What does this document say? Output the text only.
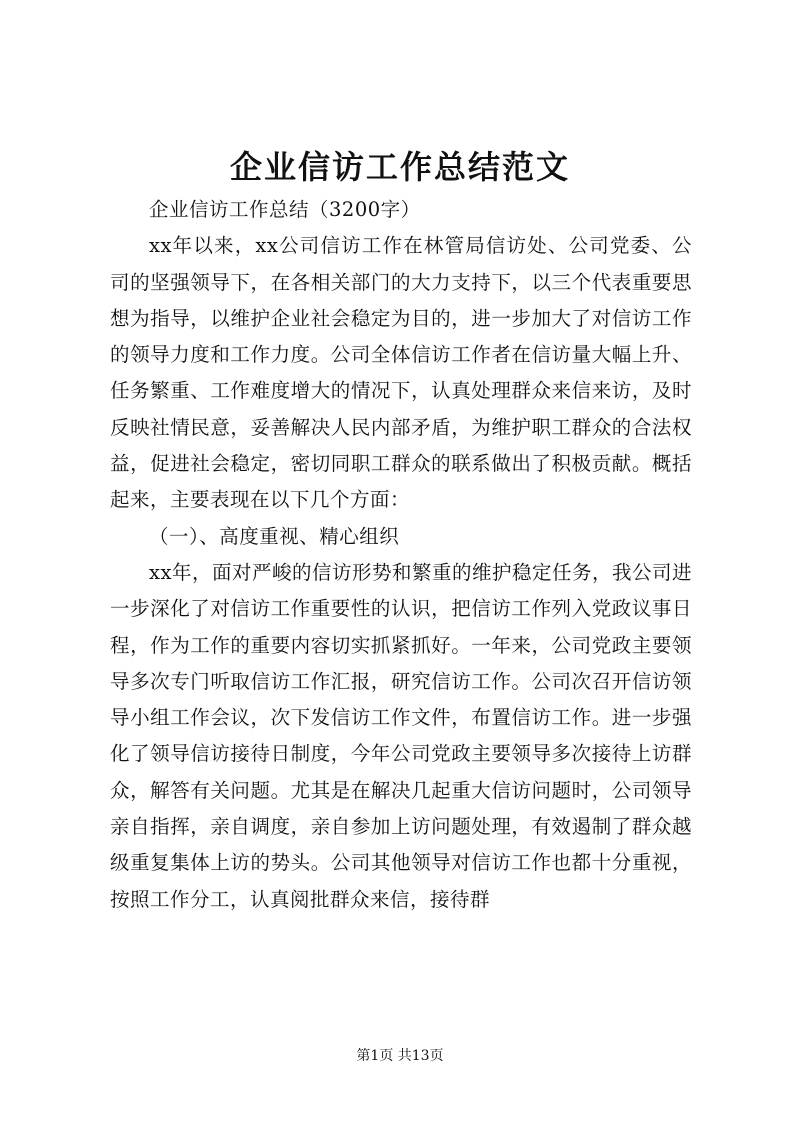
企业信访工作总结范文

企业信访工作总结（3200字）

xx年以来，xx公司信访工作在林管局信访处、公司党委、公司的坚强领导下，在各相关部门的大力支持下，以三个代表重要思想为指导，以维护企业社会稳定为目的，进一步加大了对信访工作的领导力度和工作力度。公司全体信访工作者在信访量大幅上升、任务繁重、工作难度增大的情况下，认真处理群众来信来访，及时反映社情民意，妥善解决人民内部矛盾，为维护职工群众的合法权益，促进社会稳定，密切同职工群众的联系做出了积极贡献。概括起来，主要表现在以下几个方面：

（一）、高度重视、精心组织

xx年，面对严峻的信访形势和繁重的维护稳定任务，我公司进一步深化了对信访工作重要性的认识，把信访工作列入党政议事日程，作为工作的重要内容切实抓紧抓好。一年来，公司党政主要领导多次专门听取信访工作汇报，研究信访工作。公司次召开信访领导小组工作会议，次下发信访工作文件，布置信访工作。进一步强化了领导信访接待日制度，今年公司党政主要领导多次接待上访群众，解答有关问题。尤其是在解决几起重大信访问题时，公司领导亲自指挥，亲自调度，亲自参加上访问题处理，有效遏制了群众越级重复集体上访的势头。公司其他领导对信访工作也都十分重视，按照工作分工，认真阅批群众来信，接待群

第1页 共13页
